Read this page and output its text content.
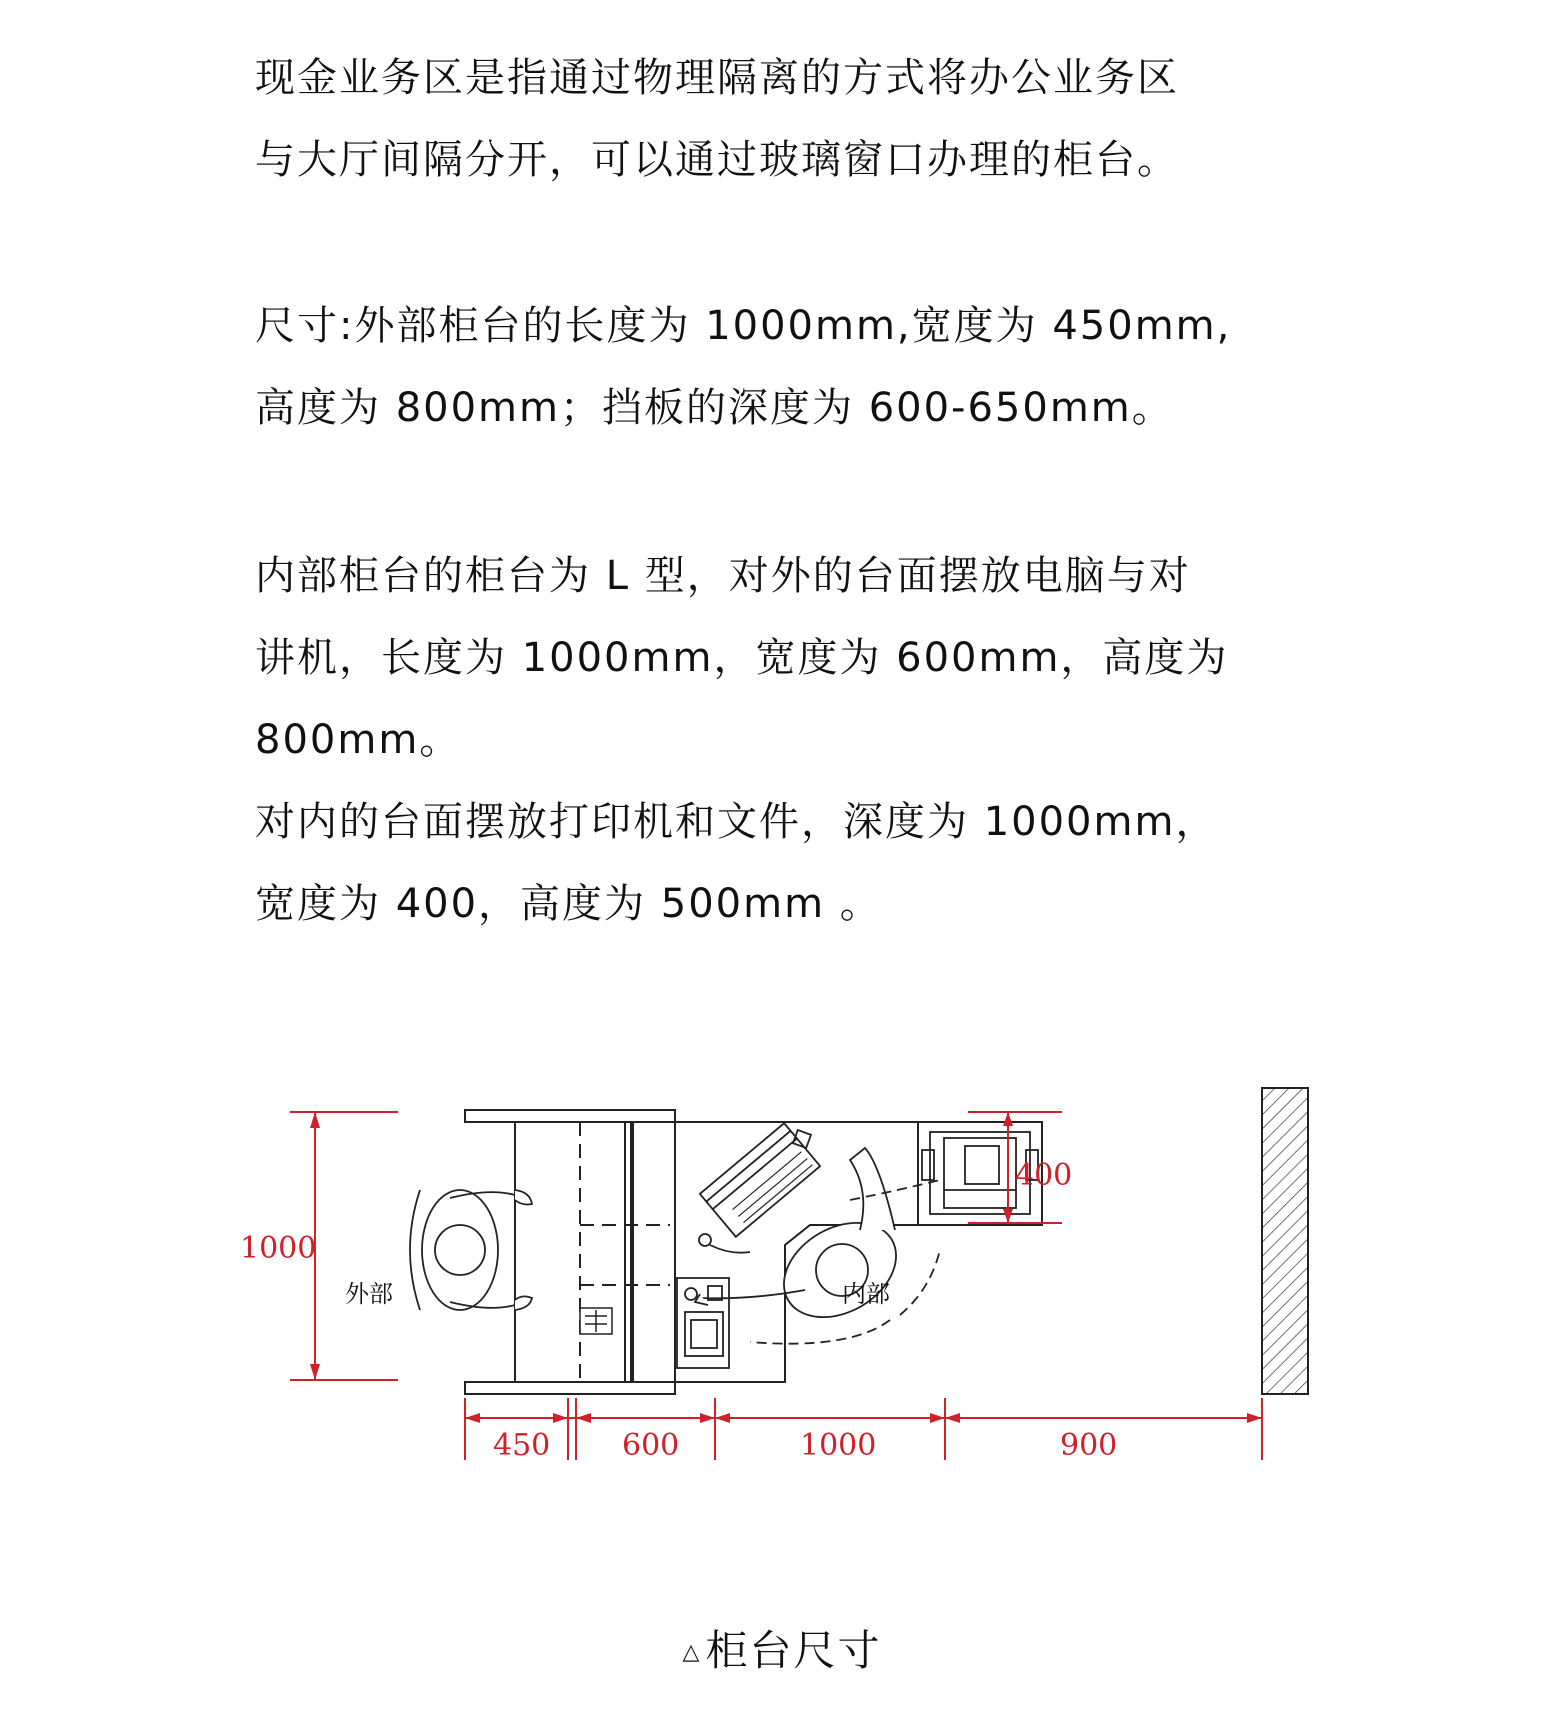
现金业务区是指通过物理隔离的方式将办公业务区
与大厅间隔分开，可以通过玻璃窗口办理的柜台。
尺寸:外部柜台的长度为 1000mm,宽度为 450mm,
高度为 800mm；挡板的深度为 600-650mm。
内部柜台的柜台为 L 型，对外的台面摆放电脑与对
讲机，长度为 1000mm，宽度为 600mm，高度为
800mm。
对内的台面摆放打印机和文件，深度为 1000mm，
宽度为 400，高度为 500mm 。
外部	内部
1000
400
450 600	1000	900
△柜台尺寸
